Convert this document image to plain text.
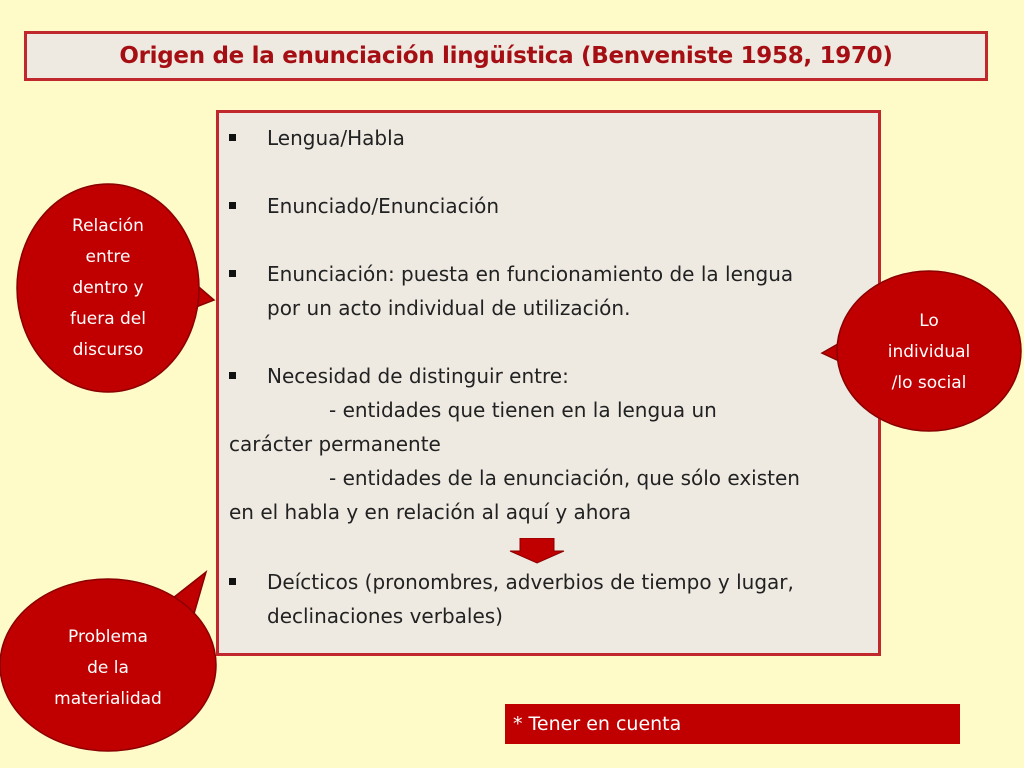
Origen de la enunciación lingüística (Benveniste 1958, 1970)
Lengua/Habla
Enunciado/Enunciación
Enunciación: puesta en funcionamiento de la lengua
por un acto individual de utilización.
Necesidad de distinguir entre:
- entidades que tienen en la lengua un
carácter permanente
- entidades de la enunciación, que sólo existen
en el habla y en relación al aquí y ahora
Deícticos (pronombres, adverbios de tiempo y lugar,
declinaciones verbales)
Relación
entre
dentro y
fuera del
discurso
Lo
individual
/lo social
Problema
de la
materialidad
* Tener en cuenta
